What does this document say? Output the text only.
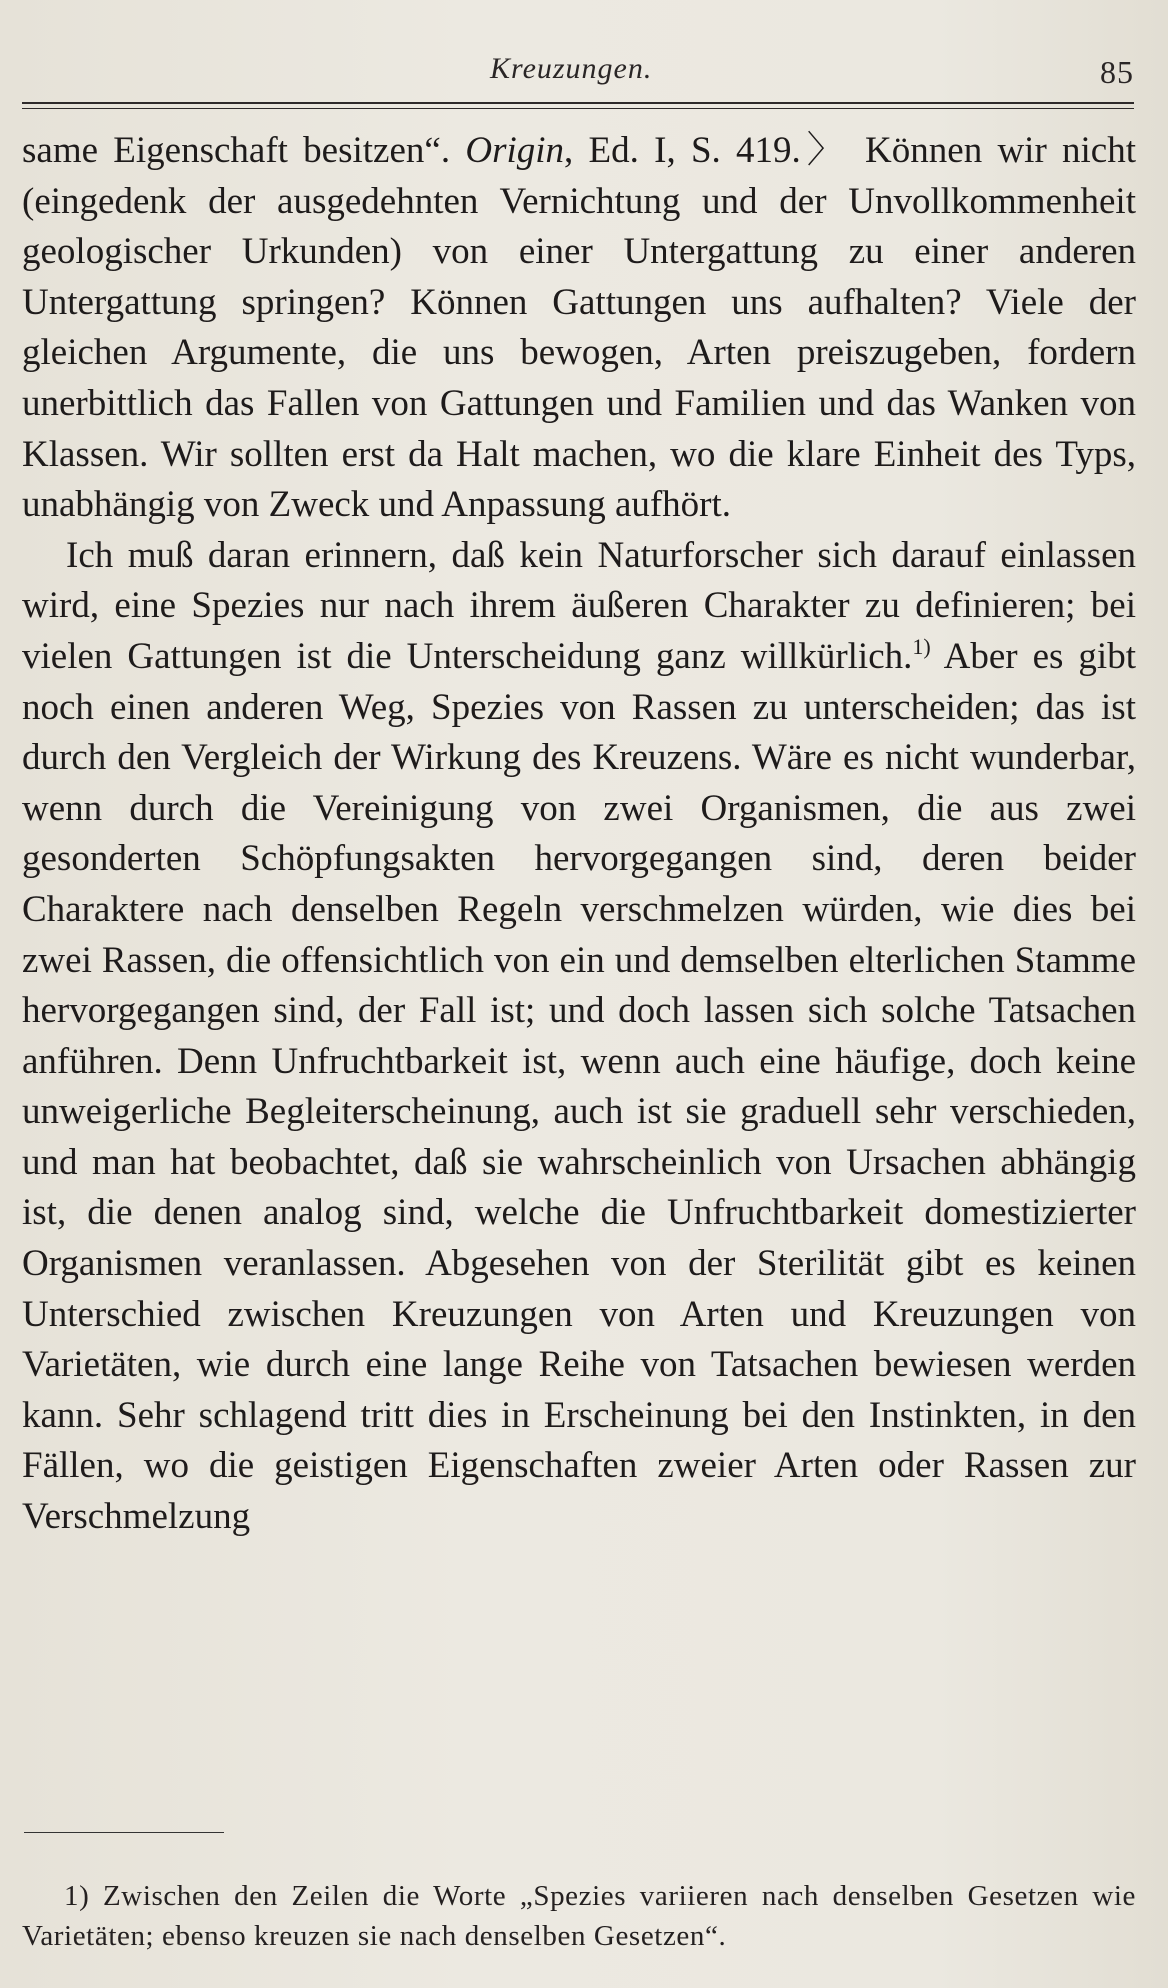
Kreuzungen.	85

same Eigenschaft besitzen“. Origin, Ed. I, S. 419.〉 Können wir nicht (eingedenk der ausgedehnten Vernichtung und der Unvollkommenheit geologischer Urkunden) von einer Untergattung zu einer anderen Untergattung springen? Können Gattungen uns aufhalten? Viele der gleichen Argumente, die uns bewogen, Arten preiszugeben, fordern unerbittlich das Fallen von Gattungen und Familien und das Wanken von Klassen. Wir sollten erst da Halt machen, wo die klare Einheit des Typs, unabhängig von Zweck und Anpassung aufhört.

Ich muß daran erinnern, daß kein Naturforscher sich darauf einlassen wird, eine Spezies nur nach ihrem äußeren Charakter zu definieren; bei vielen Gattungen ist die Unterscheidung ganz willkürlich.$^{1)}$ Aber es gibt noch einen anderen Weg, Spezies von Rassen zu unterscheiden; das ist durch den Vergleich der Wirkung des Kreuzens. Wäre es nicht wunderbar, wenn durch die Vereinigung von zwei Organismen, die aus zwei gesonderten Schöpfungsakten hervorgegangen sind, deren beider Charaktere nach denselben Regeln verschmelzen würden, wie dies bei zwei Rassen, die offensichtlich von ein und demselben elterlichen Stamme hervorgegangen sind, der Fall ist; und doch lassen sich solche Tatsachen anführen. Denn Unfruchtbarkeit ist, wenn auch eine häufige, doch keine unweigerliche Begleiterscheinung, auch ist sie graduell sehr verschieden, und man hat beobachtet, daß sie wahrscheinlich von Ursachen abhängig ist, die denen analog sind, welche die Unfruchtbarkeit domestizierter Organismen veranlassen. Abgesehen von der Sterilität gibt es keinen Unterschied zwischen Kreuzungen von Arten und Kreuzungen von Varietäten, wie durch eine lange Reihe von Tatsachen bewiesen werden kann. Sehr schlagend tritt dies in Erscheinung bei den Instinkten, in den Fällen, wo die geistigen Eigenschaften zweier Arten oder Rassen zur Verschmelzung

1) Zwischen den Zeilen die Worte „Spezies variieren nach denselben Gesetzen wie Varietäten; ebenso kreuzen sie nach denselben Gesetzen“.
